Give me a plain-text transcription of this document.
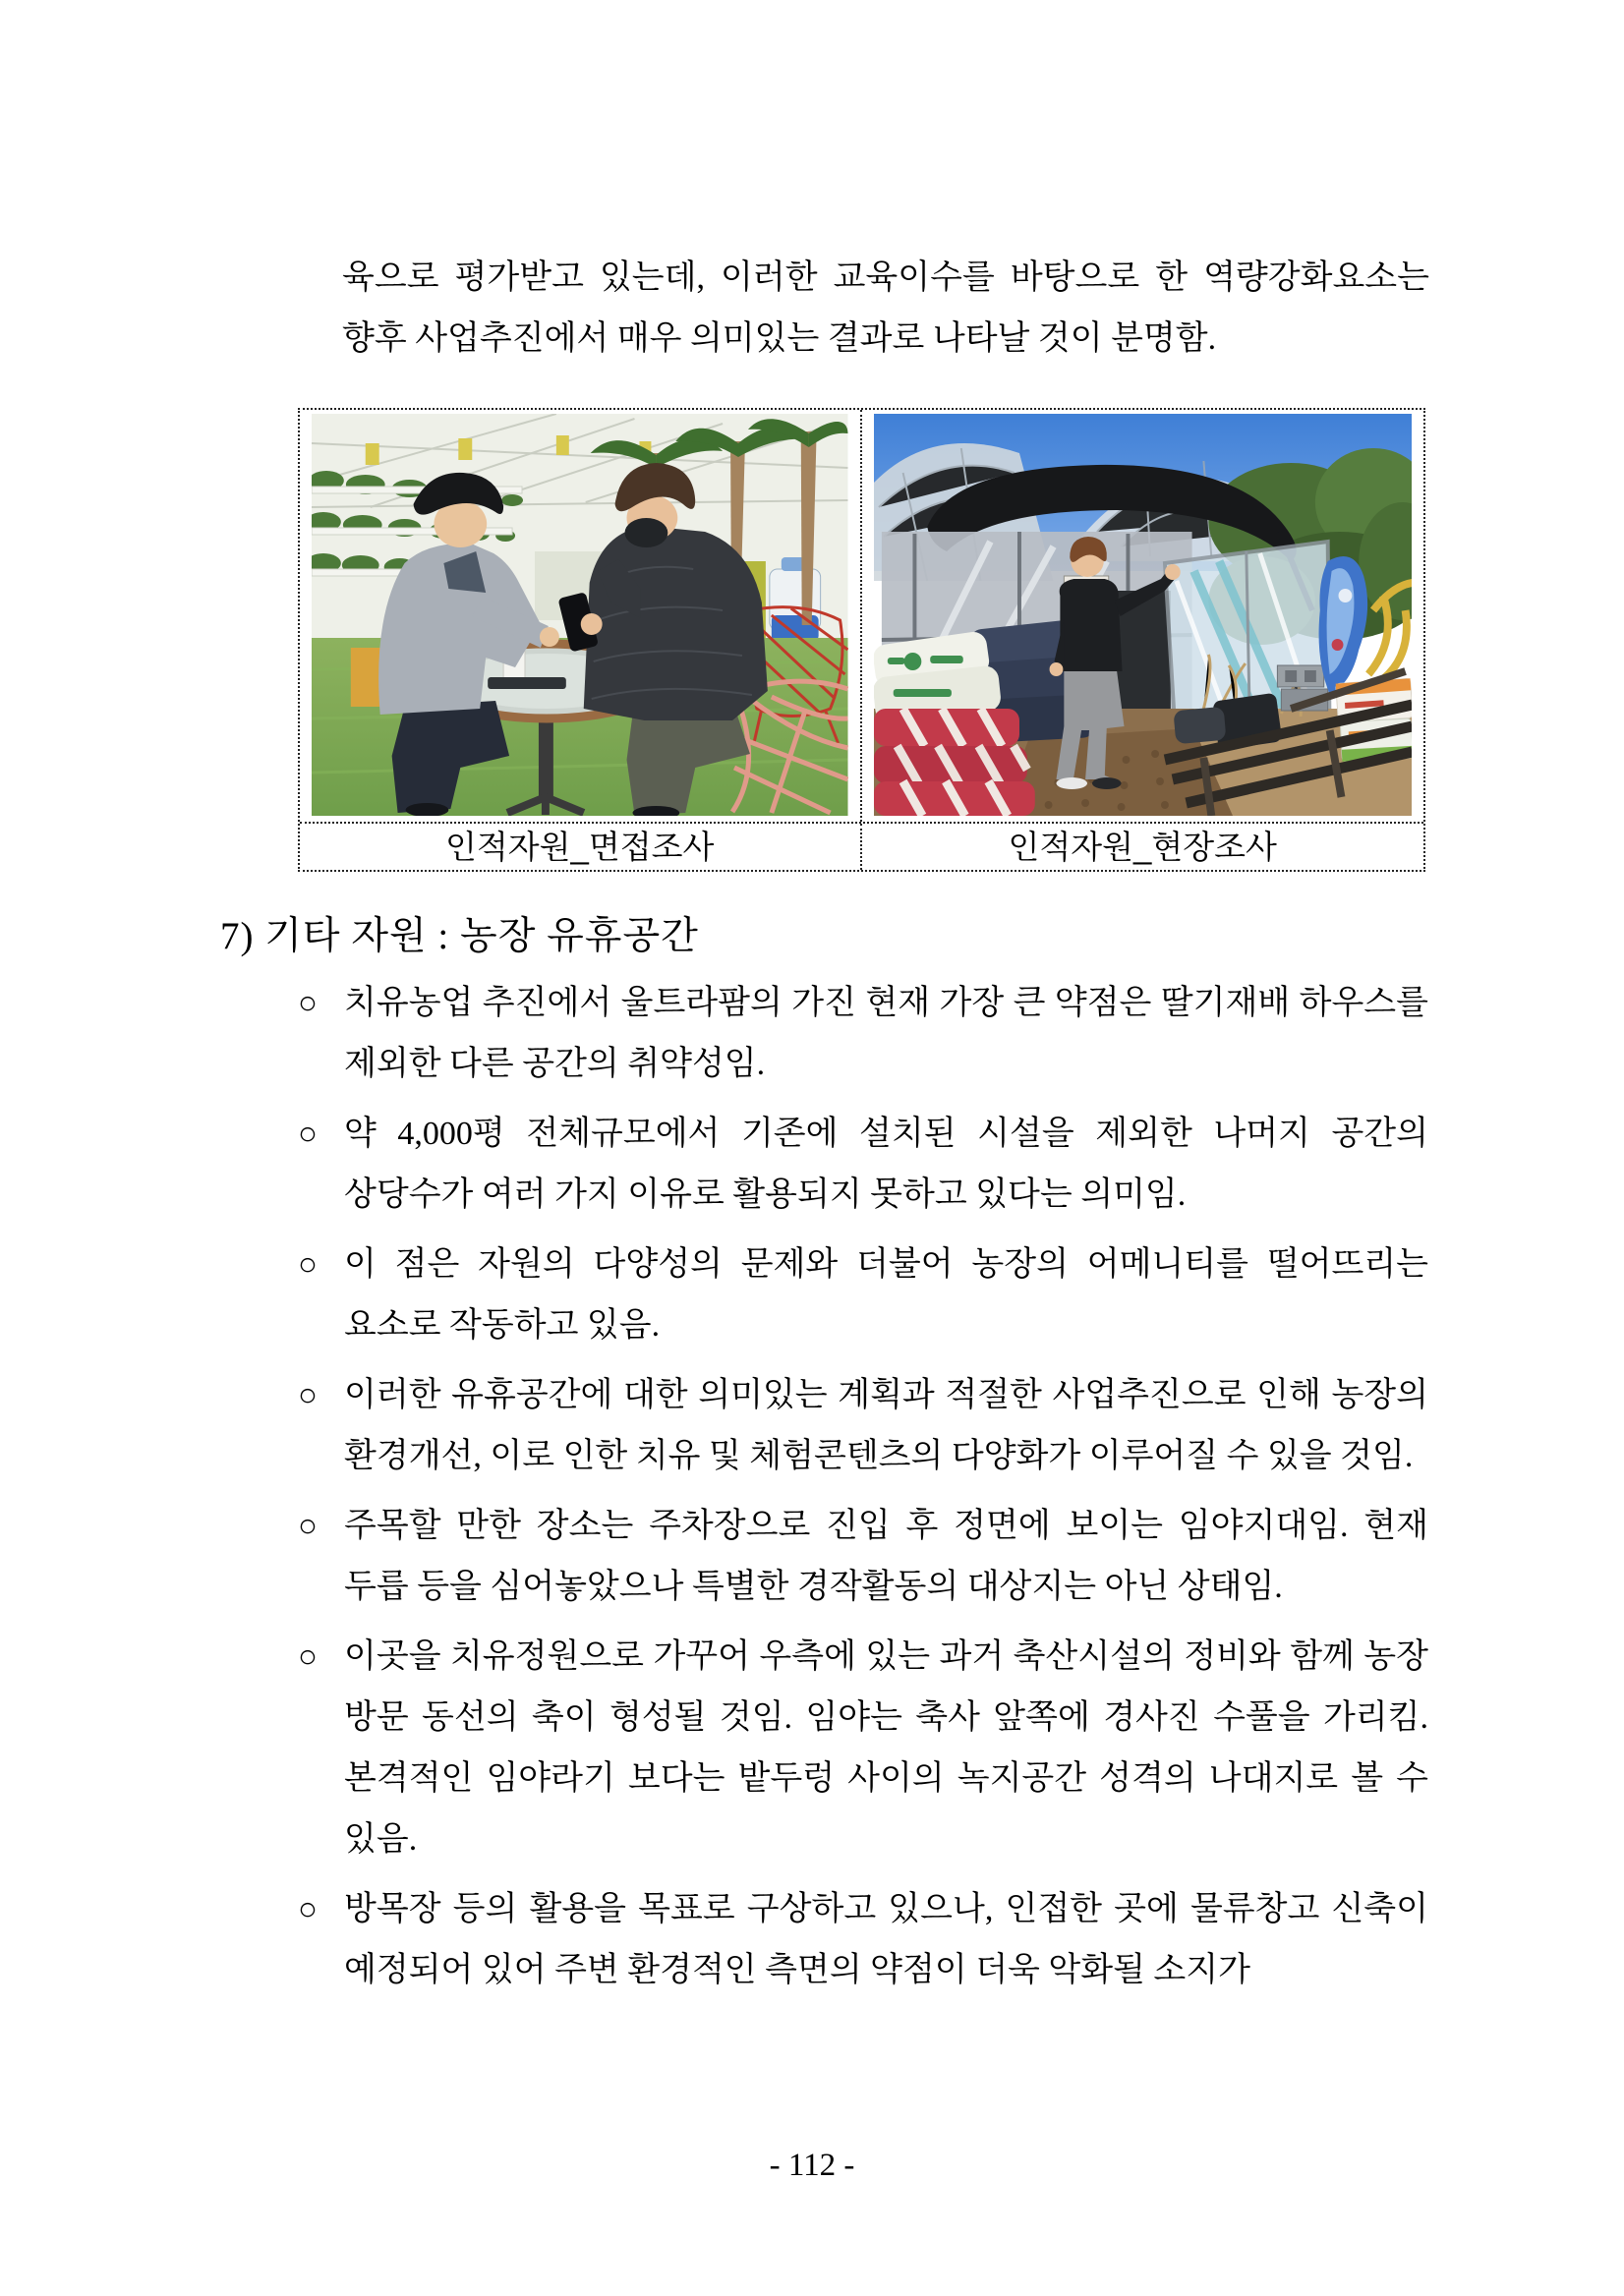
육으로 평가받고 있는데, 이러한 교육이수를 바탕으로 한 역량강화요소는 향후 사업추진에서 매우 의미있는 결과로 나타날 것이 분명함.
인적자원_면접조사	인적자원_현장조사
7) 기타 자원 : 농장 유휴공간
○ 치유농업 추진에서 울트라팜의 가진 현재 가장 큰 약점은 딸기재배 하우스를 제외한 다른 공간의 취약성임.
○ 약 4,000평 전체규모에서 기존에 설치된 시설을 제외한 나머지 공간의 상당수가 여러 가지 이유로 활용되지 못하고 있다는 의미임.
○ 이 점은 자원의 다양성의 문제와 더불어 농장의 어메니티를 떨어뜨리는 요소로 작동하고 있음.
○ 이러한 유휴공간에 대한 의미있는 계획과 적절한 사업추진으로 인해 농장의 환경개선, 이로 인한 치유 및 체험콘텐츠의 다양화가 이루어질 수 있을 것임.
○ 주목할 만한 장소는 주차장으로 진입 후 정면에 보이는 임야지대임. 현재 두릅 등을 심어놓았으나 특별한 경작활동의 대상지는 아닌 상태임.
○ 이곳을 치유정원으로 가꾸어 우측에 있는 과거 축산시설의 정비와 함께 농장 방문 동선의 축이 형성될 것임. 임야는 축사 앞쪽에 경사진 수풀을 가리킴. 본격적인 임야라기 보다는 밭두렁 사이의 녹지공간 성격의 나대지로 볼 수 있음.
○ 방목장 등의 활용을 목표로 구상하고 있으나, 인접한 곳에 물류창고 신축이 예정되어 있어 주변 환경적인 측면의 약점이 더욱 악화될 소지가
- 112 -
